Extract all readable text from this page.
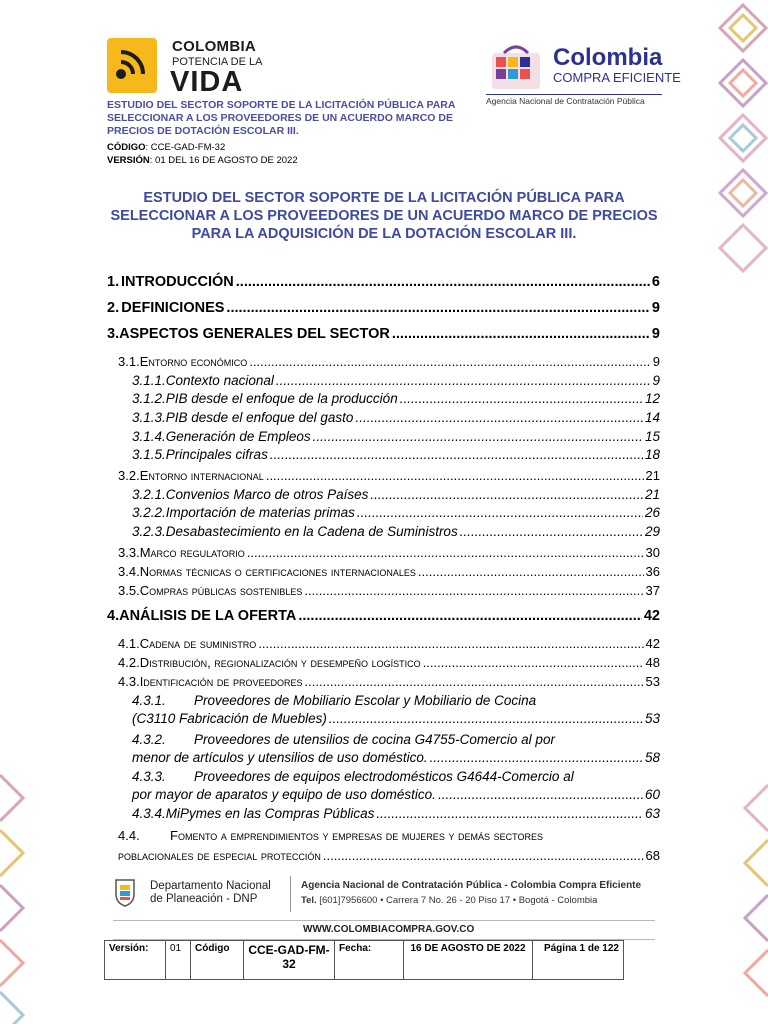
COLOMBIA
POTENCIA DE LA
VIDA
Colombia
COMPRA EFICIENTE
Agencia Nacional de Contratación Pública
ESTUDIO DEL SECTOR SOPORTE DE LA LICITACIÓN PÚBLICA PARA SELECCIONAR A LOS PROVEEDORES DE UN ACUERDO MARCO DE PRECIOS DE DOTACIÓN ESCOLAR III.
CÓDIGO: CCE-GAD-FM-32
VERSIÓN: 01 DEL 16 DE AGOSTO DE 2022
ESTUDIO DEL SECTOR SOPORTE DE LA LICITACIÓN PÚBLICA PARA SELECCIONAR A LOS PROVEEDORES DE UN ACUERDO MARCO DE PRECIOS PARA LA ADQUISICIÓN DE LA DOTACIÓN ESCOLAR III.
1. INTRODUCCIÓN .....	6
2. DEFINICIONES .....	9
3. ASPECTOS GENERALES DEL SECTOR .....	9
3.1. Entorno económico .....	9
3.1.1. Contexto nacional .....	9
3.1.2. PIB desde el enfoque de la producción .....	12
3.1.3. PIB desde el enfoque del gasto .....	14
3.1.4. Generación de Empleos .....	15
3.1.5. Principales cifras .....	18
3.2. Entorno internacional .....	21
3.2.1. Convenios Marco de otros Países .....	21
3.2.2. Importación de materias primas .....	26
3.2.3. Desabastecimiento en la Cadena de Suministros .....	29
3.3. Marco regulatorio .....	30
3.4. Normas técnicas o certificaciones internacionales .....	36
3.5. Compras públicas sostenibles .....	37
4. ANÁLISIS DE LA OFERTA .....	42
4.1. Cadena de suministro .....	42
4.2. Distribución, regionalización y desempeño logístico .....	48
4.3. Identificación de proveedores .....	53
4.3.1. Proveedores de Mobiliario Escolar y Mobiliario de Cocina
(C3110 Fabricación de Muebles) .....	53
4.3.2. Proveedores de utensilios de cocina G4755-Comercio al por
menor de artículos y utensilios de uso doméstico. .....	58
4.3.3. Proveedores de equipos electrodomésticos G4644-Comercio al
por mayor de aparatos y equipo de uso doméstico. .....	60
4.3.4. MiPymes en las Compras Públicas .....	63
4.4. Fomento a emprendimientos y empresas de mujeres y demás sectores
poblacionales de especial protección .....	68
Departamento Nacional
de Planeación - DNP
Agencia Nacional de Contratación Pública - Colombia Compra Eficiente
Tel. [601]7956600 • Carrera 7 No. 26 - 20 Piso 17 • Bogotá - Colombia
WWW.COLOMBIACOMPRA.GOV.CO
Versión:	01	Código	CCE-GAD-FM-32	Fecha:	16 DE AGOSTO DE 2022	Página 1 de 122
